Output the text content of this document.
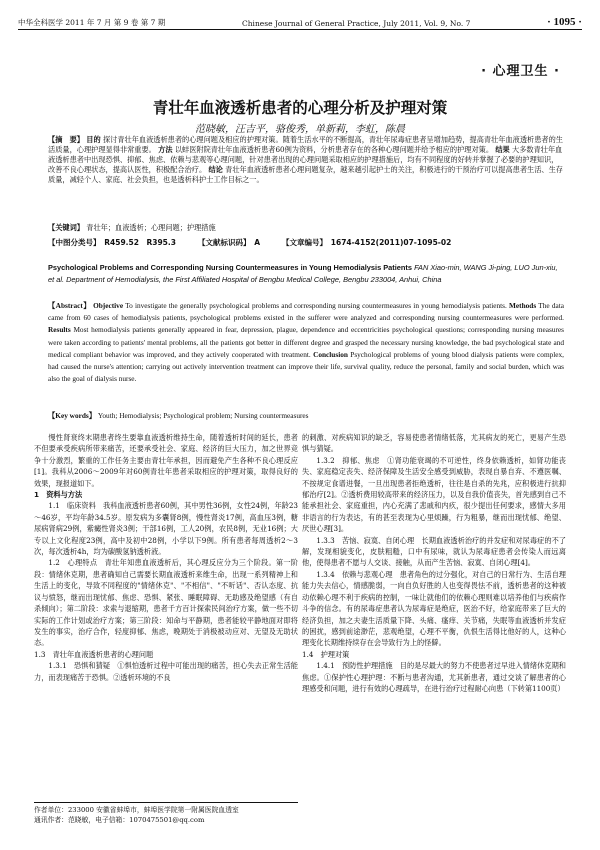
中华全科医学 2011 年 7 月 第 9 卷 第 7 期	Chinese Journal of General Practice, July 2011, Vol. 9, No. 7	· 1095 ·
· 心理卫生 ·
青壮年血液透析患者的心理分析及护理对策
范晓敏，汪吉平，骆俊秀，单新莉，李虹，陈晨
【摘　要】 目的 探讨青壮年血液透析患者的心理问题及相应的护理对策。随着生活水平的不断提高，青壮年尿毒症患者呈增加趋势，提高青壮年血液透析患者的生活质量，心理护理显得非常重要。 方法 以蚌医附院青壮年血液透析患者60例为资料，分析患者存在的各种心理问题并给予相应的护理对策。 结果 大多数青壮年血液透析患者中出现恐惧、抑郁、焦虑、依赖与悲观等心理问题，针对患者出现的心理问题采取相应的护理措施后，均有不同程度的好转并掌握了必要的护理知识，改善不良心理状态，提高认医性，积极配合治疗。 结论 青壮年血液透析患者心理问题复杂，越来越引起护士的关注，积极进行的干预治疗可以提高患者生活、生存质量，减轻个人、家庭、社会负担，也是透析科护士工作目标之一。
【关键词】 青壮年；血液透析；心理问题；护理措施
【中图分类号】　R459.52　R395.3	【文献标识码】　A	【文章编号】　1674-4152(2011)07-1095-02
Psychological Problems and Corresponding Nursing Countermeasures in Young Hemodialysis Patients FAN Xiao-min, WANG Ji-ping, LUO Jun-xiu, et al. Department of Hemodialysis, the First Affiliated Hospital of Bengbu Medical College, Bengbu 233004, Anhui, China
【Abstract】 Objective To investigate the generally psychological problems and corresponding nursing countermeasures in young hemodialysis patients. Methods The data came from 60 cases of hemodialysis patients, psychological problems existed in the sufferer were analyzed and corresponding nursing countermeasures were performed. Results Most hemodialysis patients generally appeared in fear, depression, plague, dependence and eccentricities psychological questions; corresponding nursing measures were taken according to patients' mental problems, all the patients got better in different degree and grasped the necessary nursing knowledge, the bad psychological state and medical compliant behavior was improved, and they actively cooperated with treatment. Conclusion Psychological problems of young blood dialysis patients were complex, had caused the nurse's attention; carrying out actively intervention treatment can improve their life, survival quality, reduce the personal, family and social burden, which was also the goal of dialysis nurse.
【Key words】 Youth; Hemodialysis; Psychological problem; Nursing countermeasures

慢性肾衰终末期患者终生要靠血液透析维持生命，随着透析时间的延长，患者不但要承受疾病所带来痛苦，还要承受社会、家庭、经济的巨大压力，加之世界竞争十分激烈，繁重的工作任务主要由青壮年承担，因而避免产生各种不良心理反应[1]。我科从2006～2009年对60例青壮年患者采取相应的护理对策，取得良好的效果，现报道如下。

1　资料与方法

1.1　临床资料　我科血液透析患者60例，其中男性36例，女性24例，年龄23～46岁，平均年龄34.5岁。原发病为多囊肾8例，慢性肾炎17例，高血压3例，糖尿病肾病29例，紫癜性肾炎3例；干部16例，工人20例，农民8例，无业16例；大专以上文化程度23例，高中及初中28例，小学以下9例。所有患者每周透析2～3次，每次透析4h，均为碳酸氢钠透析液。

1.2　心理特点　青壮年知患血液透析后，其心理反应分为三个阶段。第一阶段：情绪休克期，患者确知自己需要长期血液透析来维生命，出现一系列精神上和生活上的变化，导致不同程度的"情绪休克"、"不相信"、"不听话"、否认态度、抗议与愤怒，继而出现忧郁、焦虑、恐惧、紧张、睡眠障碍、无助感及绝望感（有自杀倾向）；第二阶段：求索与退缩期，患者千方百计探索民间治疗方案，做一些不切实际的工作计划或治疗方案；第三阶段：知命与平静期，患者能较平静地面对即将发生的事实，治疗合作，轻度抑郁、焦虑，晚期处于消极被动应对、无望及无助状态。

1.3　青壮年血液透析患者的心理问题

1.3.1　恐惧和猜疑　①惧怕透析过程中可能出现的痛苦，担心失去正常生活能力，而表现痛苦于恐惧。②透析环境的不良

的刺激、对疾病知识的缺乏，容易使患者情绪低落，尤其病友的死亡，更易产生恐惧与猜疑。

1.3.2　抑郁、焦虑　①肾功能衰竭的不可逆性，终身依赖透析，如肾功能丧失、家庭稳定丧失、经济保障及生活安全感受到威胁，表现自暴自弃、不遵医嘱、不按规定食谱进餐，一旦出现患者拒绝透析，往往是自杀的先兆，应积极进行抗抑郁治疗[2]。②透析费用较高带来的经济压力，以及自我价值丧失，首先感到自己不能承担社会、家庭重担，内心充满了悲戚和内疚，很少提出任何要求，感情大多用非语言的行为表达，有的甚至表现为心里烦躁，行为粗暴，继而出现忧郁、绝望、厌世心理[3]。

1.3.3　苦恼、寂寞、自闭心理　长期血液透析治疗的并发症和对尿毒症的不了解，发现相貌变化，皮肤粗糙，口中有尿味，就认为尿毒症患者会传染人而远离他，使得患者不愿与人交谈、接触，从而产生苦恼、寂寞、自闭心理[4]。

1.3.4　依赖与悲观心理　患者角色的过分强化，对自己的日常行为、生活自理能力失去信心，情感脆弱，一向自负好胜的人也变得畏怯不前，透析患者的这种被动依赖心理不利于疾病的控制，一味让就他们的依赖心理则难以培养他们与疾病作斗争的信念。有的尿毒症患者认为尿毒症是绝症，医治不好，给家庭带来了巨大的经济负担，加之夫妻生活质量下降、头痛、瘙痒、关节痛，失眠等血液透析并发症的困扰，感到前途渺茫，悲观绝望，心理不平衡，仇恨生活得比他好的人，这种心理变化长期维持续存在会导致行为上的怪僻。

1.4　护理对策

1.4.1　预防性护理措施　目的是尽最大的努力不使患者过早进入情绪休克期和焦虑。①保护性心理护理：不断与患者沟通，尤其新患者，通过交谈了解患者的心理感受和问题，进行有效的心理疏导，在进行治疗过程耐心向患（下转第1100页）

作者单位：233000 安徽省蚌埠市，蚌埠医学院第一附属医院血透室
通讯作者：范晓敏，电子信箱：1070475501@qq.com
